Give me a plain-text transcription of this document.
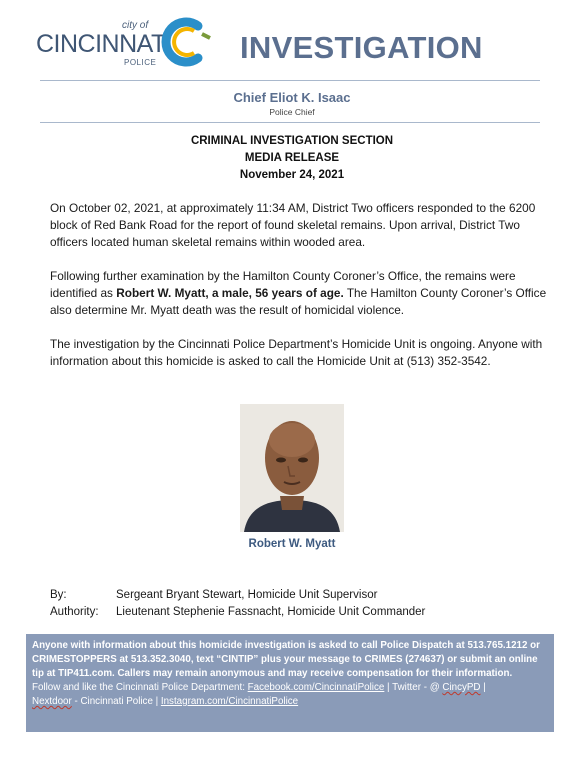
city of
CINCINNATI
POLICE	INVESTIGATION
Chief Eliot K. Isaac
Police Chief
CRIMINAL INVESTIGATION SECTION
MEDIA RELEASE
November 24, 2021

On October 02, 2021, at approximately 11:34 AM, District Two officers responded to the 6200 block of Red Bank Road for the report of found skeletal remains. Upon arrival, District Two officers located human skeletal remains within wooded area.

Following further examination by the Hamilton County Coroner’s Office, the remains were identified as Robert W. Myatt, a male, 56 years of age. The Hamilton County Coroner’s Office also determine Mr. Myatt death was the result of homicidal violence.

The investigation by the Cincinnati Police Department’s Homicide Unit is ongoing. Anyone with information about this homicide is asked to call the Homicide Unit at (513) 352-3542.

Robert W. Myatt
By:	Sergeant Bryant Stewart, Homicide Unit Supervisor
Authority: Lieutenant Stephenie Fassnacht, Homicide Unit Commander
Anyone with information about this homicide investigation is asked to call Police Dispatch at 513.765.1212 or CRIMESTOPPERS at 513.352.3040, text “CINTIP” plus your message to CRIMES (274637) or submit an online tip at TIP411.com. Callers may remain anonymous and may receive compensation for their information.
Follow and like the Cincinnati Police Department: Facebook.com/CincinnatiPolice | Twitter - @ CincyPD |
Nextdoor - Cincinnati Police | Instagram.com/CincinnatiPolice
